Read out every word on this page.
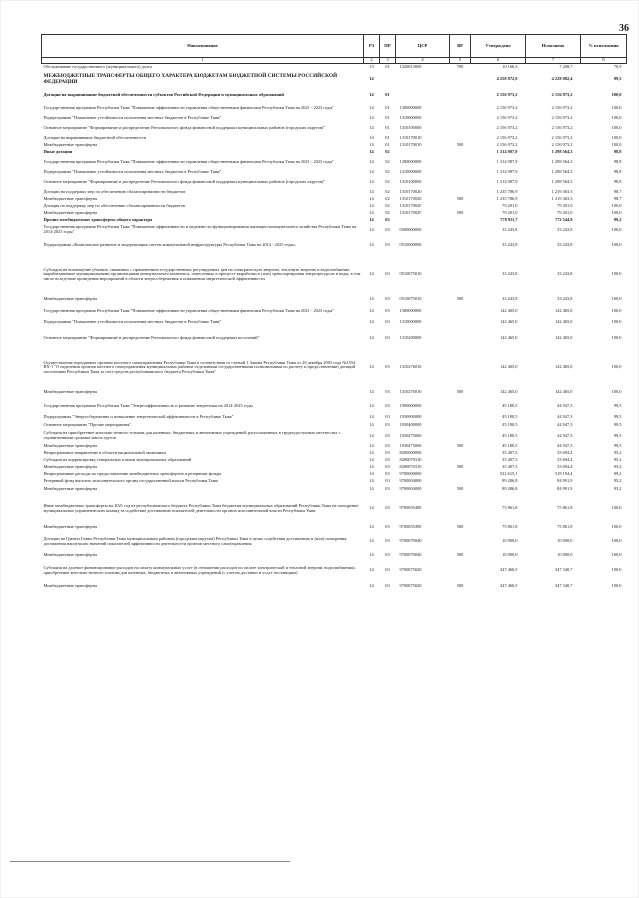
36
Наименование	РЗ	ПР	ЦСР	ВР	Утверждено	Исполнено	% исполнения
1	2	3	4	5	6	7	8
Обслуживание государственного (муниципального) долга	13	01	1320013000	700	10 166,3	7 208,7	70,9
МЕЖБЮДЖЕТНЫЕ ТРАНСФЕРТЫ ОБЩЕГО ХАРАКТЕРА БЮДЖЕТАМ БЮДЖЕТНОЙ СИСТЕМЫ РОССИЙСКОЙ ФЕДЕРАЦИИ	14				4 250 872,8	4 228 082,4	99,5
Дотации на выравнивание бюджетной обеспеченности субъектов Российской Федерации и муниципальных образований	14	01			2 156 973,2	2 156 973,2	100,0
Государственная программа Республики Тыва "Повышение эффективности управления общественными финансами Республики Тыва на 2021 - 2023 годы"	14	01	1300000000		2 156 973,2	2 156 973,2	100,0
Подпрограмма "Повышение устойчивости исполнения местных бюджетов в Республике Тыва"	14	01	1310000000		2 156 973,2	2 156 973,2	100,0
Основное мероприятие "Формирование и распределение Регионального фонда финансовой поддержки муниципальных районов (городских округов)"	14	01	1310100000		2 156 973,2	2 156 973,2	100,0
Дотации на выравнивание бюджетной обеспеченности	14	01	1310170010		2 156 973,2	2 156 973,2	100,0
Межбюджетные трансферты	14	01	1310170010	500	2 156 973,2	2 156 973,2	100,0
Иные дотации	14	02			1 314 987,9	1 298 564,3	98,8
Государственная программа Республики Тыва "Повышение эффективности управления общественными финансами Республики Тыва на 2021 - 2023 годы"	14	02	1300000000		1 314 987,9	1 298 564,3	98,8
Подпрограмма "Повышение устойчивости исполнения местных бюджетов в Республике Тыва"	14	02	1310000000		1 314 987,9	1 298 564,3	98,8
Основное мероприятие "Формирование и распределение Регионального фонда финансовой поддержки муниципальных районов (городских округов)"	14	02	1310100000		1 314 987,9	1 298 564,3	98,8
Дотации на поддержку мер по обеспечению сбалансированности бюджетов	14	02	1310170020		1 235 786,9	1 219 363,3	98,7
Межбюджетные трансферты	14	02	1310170020	500	1 235 786,9	1 219 363,3	98,7
Дотация на поддержку мер по обеспечению сбалансированности бюджетов	14	02	131017002Г		79 201,0	79 201,0	100,0
Межбюджетные трансферты	14	02	131017002Г	500	79 201,0	79 201,0	100,0
Прочие межбюджетные трансферты общего характера	14	03			778 911,7	772 544,9	99,2
Государственная программа Республики Тыва "Повышение эффективности и надежности функционирования жилищно-коммунального хозяйства Республики Тыва на 2014-2025 годы"	14	03	0500000000		33 243,8	33 243,8	100,0
Подпрограмма «Комплексное развитие и модернизация систем коммунальной инфраструктуры Республики Тыва на 2014 - 2025 годы»	14	03	0510000000		33 243,8	33 243,8	100,0
Субсидии на возмещение убытков, связанных с применением государственных регулируемых цен на электрическую энергию, тепловую энергию и водоснабжение, вырабатываемые муниципальными организациями коммунального комплекса, понесенных в процессе выработки и (или) транспортировки энергоресурсов и воды, в том числе вследствие проведения мероприятий в области энергосбережения и повышения энергетической эффективности	14	03	0510075010		33 243,8	33 243,8	100,0
Межбюджетные трансферты	14	03	0510075010	500	33 243,8	33 243,8	100,0
Государственная программа Республики Тыва "Повышение эффективности управления общественными финансами Республики Тыва на 2021 - 2023 годы"	14	03	1300000000		142 465,0	142 465,0	100,0
Подпрограмма "Повышение устойчивости исполнения местных бюджетов в Республике Тыва"	14	03	1310000000		142 465,0	142 465,0	100,0
Основное мероприятие "Формирование и распределение Регионального фонда финансовой поддержки поселений"	14	03	1310200000		142 465,0	142 465,0	100,0
Осуществление переданных органам местного самоуправления Республики Тыва в соответствии со статьей 1 Закона Республики Тыва от 28 декабря 2005 года №1554 ВХ-1 "О наделении органов местного самоуправления муниципальных районов отдельными государственными полномочиями по расчету и предоставлению дотаций поселениям Республики Тыва за счет средств республиканского бюджета Республики Тыва"	14	03	1310276010		142 465,0	142 465,0	100,0
Межбюджетные трансферты	14	03	1310276010	500	142 465,0	142 465,0	100,0
Государственная программа Республики Тыва "Энергоэффективность и развитие энергетики на 2014-2025 годы	14	03	1900000000		45 180,5	44 947,3	99,5
Подпрограмма "Энергосбережение и повышение энергетической эффективности в Республике Тыва"	14	03	1930000000		45 180,5	44 947,3	99,5
Основное мероприятие "Прочие мероприятия"	14	03	1930400000		45 180,5	44 947,3	99,5
Субсидии на приобретение котельно-печного топлива для казенных, бюджетных и автономных учреждений, расположенных в труднодоступных местностях с ограниченными сроками завоза грузов	14	03	1930475060		45 180,5	44 947,3	99,5
Межбюджетные трансферты	14	03	1930475060	500	45 180,5	44 947,3	99,5
Непрограммное направление в области национальной экономики	14	03	8200000000		35 407,3	33 694,4	95,2
Субсидии на корректировку генеральных планов муниципальных образований	14	03	8200070310		35 407,3	33 694,4	95,2
Межбюджетные трансферты	14	03	8200070310	500	35 407,3	33 694,4	95,2
Непрограммные расходы по предоставлению межбюджетных трансфертов и резервные фонды	14	03	9700000000		522 615,1	518 194,4	99,2
Резервный фонд высшего исполнительного органа государственной власти Республики Тыва	14	03	9700004000		89 286,8	84 991,9	95,2
Межбюджетные трансферты	14	03	9700004000	500	89 286,8	84 991,9	95,2
Иные межбюджетные трансферты на 2021 год из республиканского бюджета Республики Тыва бюджетам муниципальных образований Республики Тыва на поощрение муниципальных управленческих команд за содействие достижению показателей деятельности органов исполнительной власти Республики Тыва	14	03	9700055490		75 861,8	75 861,8	100,0
Межбюджетные трансферты	14	03	9700055490	500	75 861,8	75 861,8	100,0
Дотации на Гранты Главы Республики Тыва муниципальным районам (городским округам) Республики Тыва в целях содействия достижению и (или) поощрения достижения наилучших значений показателей эффективности деятельности органов местного самоуправления	14	03	9700070040		10 000,0	10 000,0	100,0
Межбюджетные трансферты	14	03	9700070040	500	10 000,0	10 000,0	100,0
Субсидии на долевое финансирование расходов на оплату коммунальных услуг (в отношении расходов по оплате электрической и тепловой энергии, водоснабжения), приобретение котельно-печного топлива для казенных, бюджетных и автономных учреждений (с учетом доставки и услуг поставщика)	14	03	9700075020		347 466,5	347 340,7	100,0
Межбюджетные трансферты	14	03	9700075020	500	347 466,5	347 340,7	100,0
